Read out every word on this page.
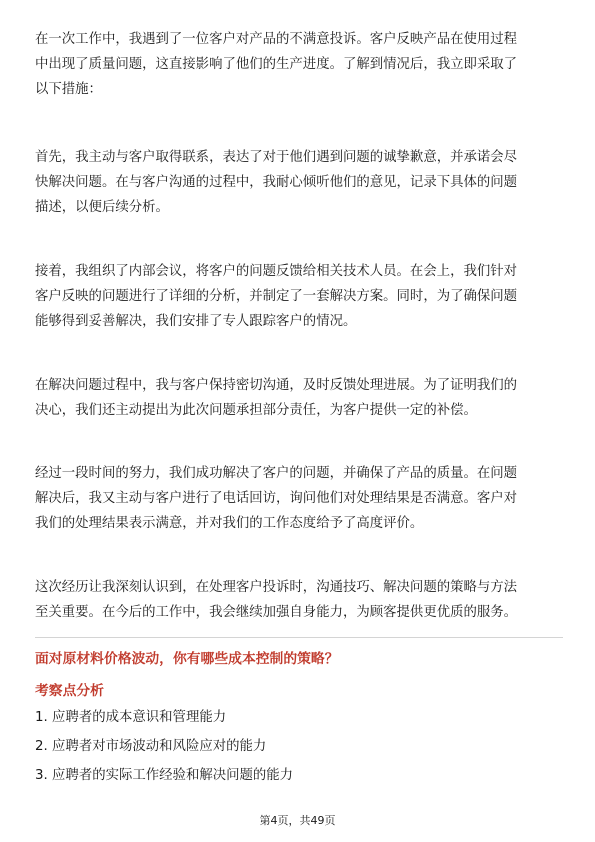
在一次工作中，我遇到了一位客户对产品的不满意投诉。客户反映产品在使用过程
中出现了质量问题，这直接影响了他们的生产进度。了解到情况后，我立即采取了
以下措施：
首先，我主动与客户取得联系，表达了对于他们遇到问题的诚挚歉意，并承诺会尽
快解决问题。在与客户沟通的过程中，我耐心倾听他们的意见，记录下具体的问题
描述，以便后续分析。
接着，我组织了内部会议，将客户的问题反馈给相关技术人员。在会上，我们针对
客户反映的问题进行了详细的分析，并制定了一套解决方案。同时，为了确保问题
能够得到妥善解决，我们安排了专人跟踪客户的情况。
在解决问题过程中，我与客户保持密切沟通，及时反馈处理进展。为了证明我们的
决心，我们还主动提出为此次问题承担部分责任，为客户提供一定的补偿。
经过一段时间的努力，我们成功解决了客户的问题，并确保了产品的质量。在问题
解决后，我又主动与客户进行了电话回访，询问他们对处理结果是否满意。客户对
我们的处理结果表示满意，并对我们的工作态度给予了高度评价。
这次经历让我深刻认识到，在处理客户投诉时，沟通技巧、解决问题的策略与方法
至关重要。在今后的工作中，我会继续加强自身能力，为顾客提供更优质的服务。
面对原材料价格波动，你有哪些成本控制的策略？
考察点分析
1. 应聘者的成本意识和管理能力
2. 应聘者对市场波动和风险应对的能力
3. 应聘者的实际工作经验和解决问题的能力
第4页，共49页
